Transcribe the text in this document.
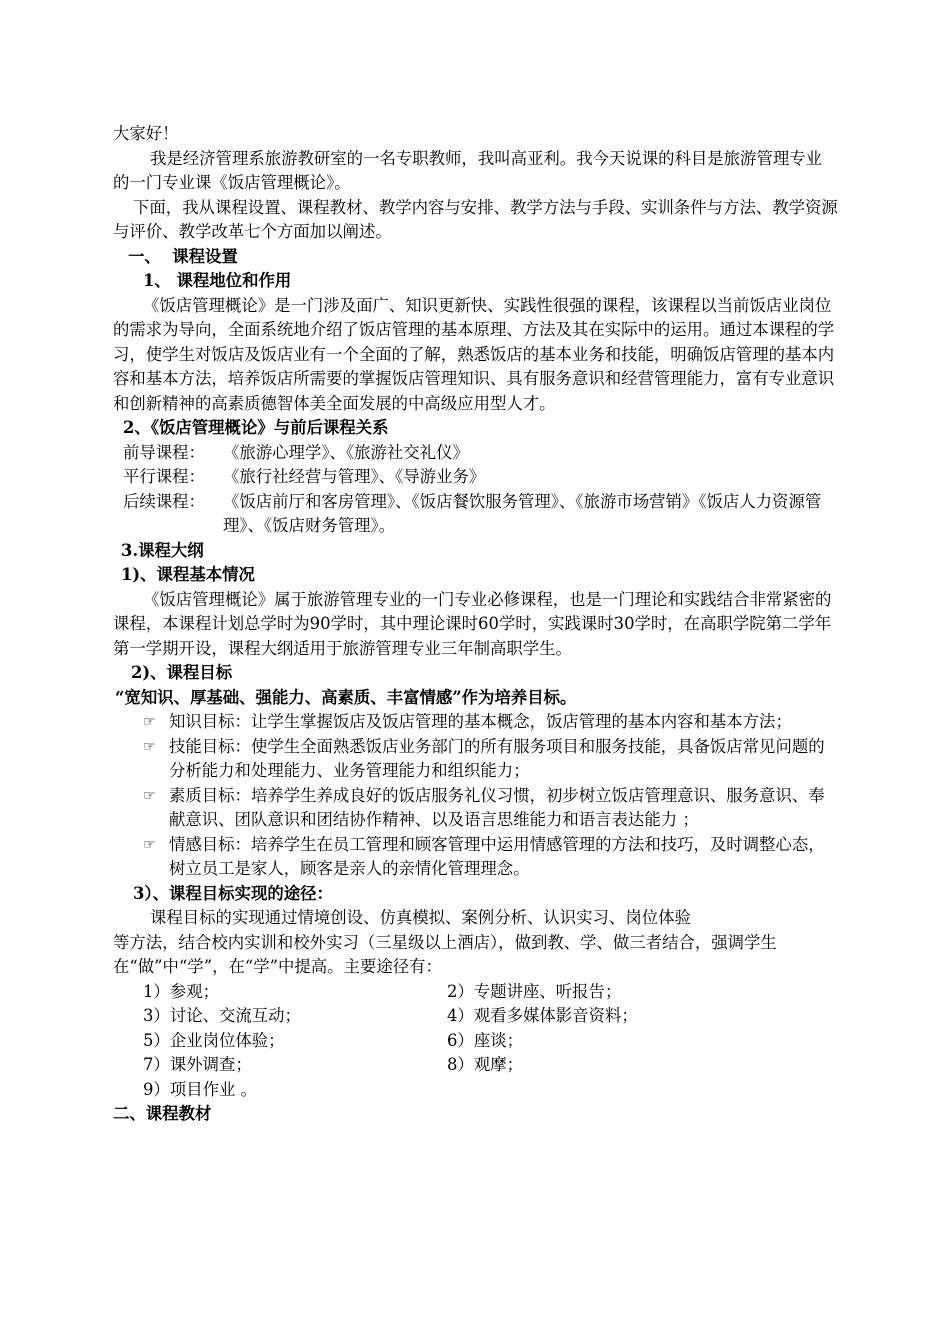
大家好！

我是经济管理系旅游教研室的一名专职教师，我叫高亚利。我今天说课的科目是旅游管理专业的一门专业课《饭店管理概论》。

下面，我从课程设置、课程教材、教学内容与安排、教学方法与手段、实训条件与方法、教学资源与评价、教学改革七个方面加以阐述。

一、  课程设置

1、 课程地位和作用

《饭店管理概论》是一门涉及面广、知识更新快、实践性很强的课程，该课程以当前饭店业岗位的需求为导向，全面系统地介绍了饭店管理的基本原理、方法及其在实际中的运用。通过本课程的学习，使学生对饭店及饭店业有一个全面的了解，熟悉饭店的基本业务和技能，明确饭店管理的基本内容和基本方法，培养饭店所需要的掌握饭店管理知识、具有服务意识和经营管理能力，富有专业意识和创新精神的高素质德智体美全面发展的中高级应用型人才。

2、《饭店管理概论》与前后课程关系

前导课程：	《旅游心理学》、《旅游社交礼仪》
平行课程：	《旅行社经营与管理》、《导游业务》
后续课程：	《饭店前厅和客房管理》、《饭店餐饮服务管理》、《旅游市场营销》《饭店人力资源管理》、《饭店财务管理》。

3.课程大纲

1)、课程基本情况

《饭店管理概论》属于旅游管理专业的一门专业必修课程，也是一门理论和实践结合非常紧密的课程，本课程计划总学时为90学时，其中理论课时60学时，实践课时30学时，在高职学院第二学年第一学期开设，课程大纲适用于旅游管理专业三年制高职学生。

2)、课程目标

“宽知识、厚基础、强能力、高素质、丰富情感”作为培养目标。

☞ 知识目标：让学生掌握饭店及饭店管理的基本概念，饭店管理的基本内容和基本方法；
☞ 技能目标：使学生全面熟悉饭店业务部门的所有服务项目和服务技能，具备饭店常见问题的分析能力和处理能力、业务管理能力和组织能力；
☞ 素质目标：培养学生养成良好的饭店服务礼仪习惯，初步树立饭店管理意识、服务意识、奉献意识、团队意识和团结协作精神、以及语言思维能力和语言表达能力 ；
☞ 情感目标：培养学生在员工管理和顾客管理中运用情感管理的方法和技巧，及时调整心态，树立员工是家人，顾客是亲人的亲情化管理理念。

3）、课程目标实现的途径：

课程目标的实现通过情境创设、仿真模拟、案例分析、认识实习、岗位体验

等方法，结合校内实训和校外实习（三星级以上酒店），做到教、学、做三者结合，强调学生在“做”中“学”，在“学”中提高。主要途径有：

1）参观；	2）专题讲座、听报告；
3）讨论、交流互动；	4）观看多媒体影音资料；
5）企业岗位体验；	6）座谈；
7）课外调查；	8）观摩；
9）项目作业 。

二、课程教材
